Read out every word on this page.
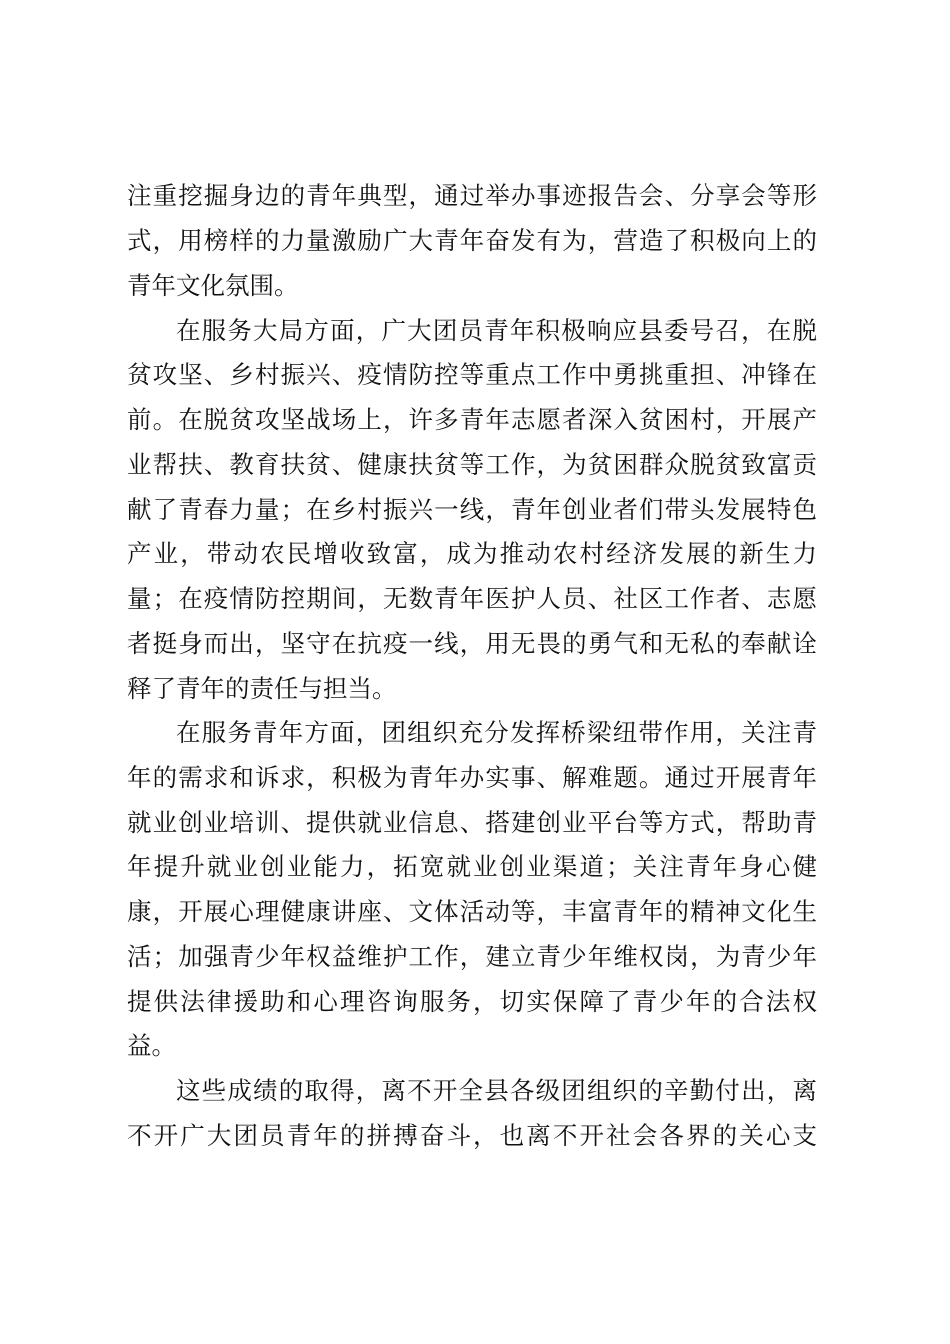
注重挖掘身边的青年典型，通过举办事迹报告会、分享会等形

式，用榜样的力量激励广大青年奋发有为，营造了积极向上的

青年文化氛围。

在服务大局方面，广大团员青年积极响应县委号召，在脱

贫攻坚、乡村振兴、疫情防控等重点工作中勇挑重担、冲锋在

前。在脱贫攻坚战场上，许多青年志愿者深入贫困村，开展产

业帮扶、教育扶贫、健康扶贫等工作，为贫困群众脱贫致富贡

献了青春力量；在乡村振兴一线，青年创业者们带头发展特色

产业，带动农民增收致富，成为推动农村经济发展的新生力

量；在疫情防控期间，无数青年医护人员、社区工作者、志愿

者挺身而出，坚守在抗疫一线，用无畏的勇气和无私的奉献诠

释了青年的责任与担当。

在服务青年方面，团组织充分发挥桥梁纽带作用，关注青

年的需求和诉求，积极为青年办实事、解难题。通过开展青年

就业创业培训、提供就业信息、搭建创业平台等方式，帮助青

年提升就业创业能力，拓宽就业创业渠道；关注青年身心健

康，开展心理健康讲座、文体活动等，丰富青年的精神文化生

活；加强青少年权益维护工作，建立青少年维权岗，为青少年

提供法律援助和心理咨询服务，切实保障了青少年的合法权

益。

这些成绩的取得，离不开全县各级团组织的辛勤付出，离

不开广大团员青年的拼搏奋斗，也离不开社会各界的关心支
